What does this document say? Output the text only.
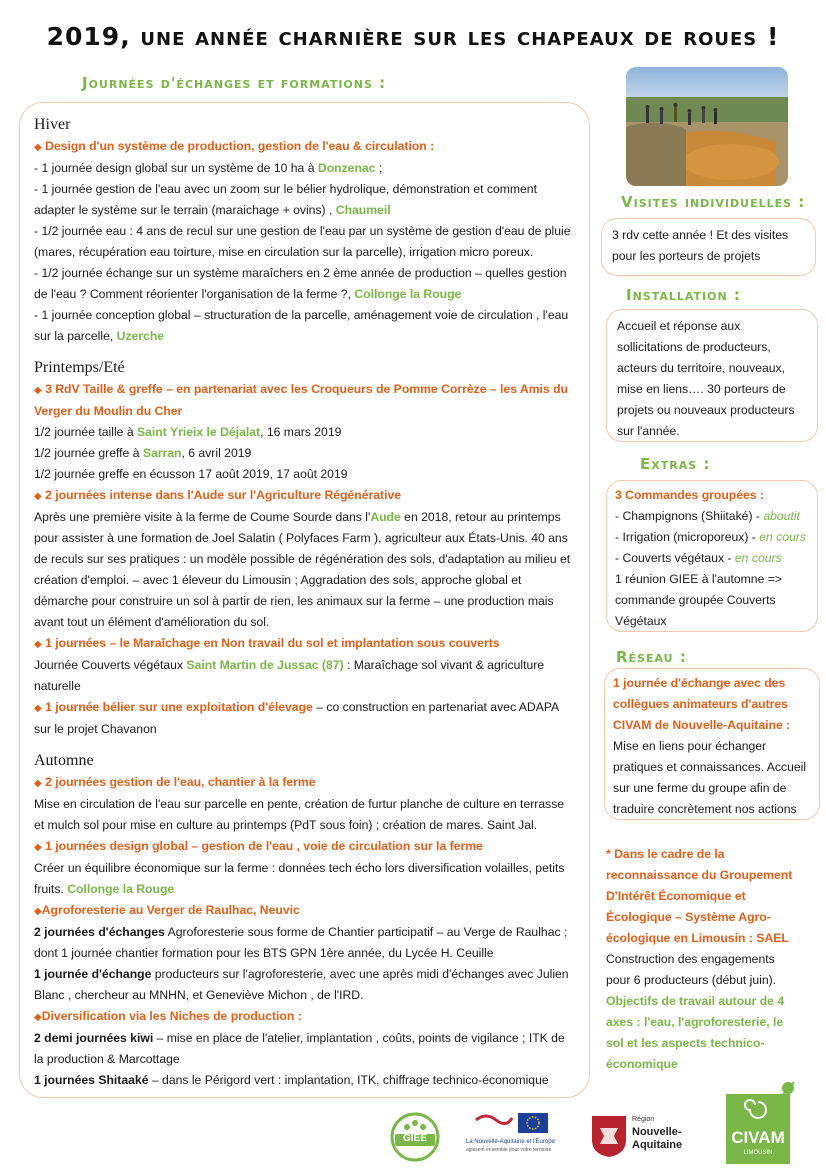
2019, une année charnière sur les chapeaux de roues !
Journées d'échanges et formations :
Hiver
◆ Design d'un système de production, gestion de l'eau & circulation :
- 1 journée design global sur un système de 10 ha à Donzenac ;
- 1 journée gestion de l'eau avec un zoom sur le bélier hydrolique, démonstration et comment adapter le système sur le terrain (maraichage + ovins) , Chaumeil
- 1/2 journée eau : 4 ans de recul sur une gestion de l'eau par un système de gestion d'eau de pluie (mares, récupération eau toirture, mise en circulation sur la parcelle), irrigation micro poreux.
- 1/2 journée échange sur un système maraîchers en 2 ème année de production – quelles gestion de l'eau ? Comment réorienter l'organisation de la ferme ?, Collonge la Rouge
- 1 journée conception global – structuration de la parcelle, aménagement voie de circulation , l'eau sur la parcelle, Uzerche
Printemps/Eté
◆ 3 RdV Taille & greffe – en partenariat avec les Croqueurs de Pomme Corrèze – les Amis du Verger du Moulin du Cher
1/2 journée taille à Saint Yrieix le Déjalat, 16 mars 2019
1/2 journée greffe à Sarran, 6 avril 2019
1/2 journée greffe en écusson 17 août 2019, 17 août 2019
◆ 2 journées intense dans l'Aude sur l'Agriculture Régénérative
Après une première visite à la ferme de Coume Sourde dans l'Aude en 2018, retour au printemps pour assister à une formation de Joel Salatin ( Polyfaces Farm ), agriculteur aux États-Unis. 40 ans de reculs sur ses pratiques : un modèle possible de régénération des sols, d'adaptation au milieu et création d'emploi. – avec 1 éleveur du Limousin ; Aggradation des sols, approche global et démarche pour construire un sol à partir de rien, les animaux sur la ferme – une production mais avant tout un élément d'amélioration du sol.
◆ 1 journées – le Maraîchage en Non travail du sol et implantation sous couverts
Journée Couverts végétaux Saint Martin de Jussac (87) : Maraîchage sol vivant & agriculture naturelle
◆ 1 journée bélier sur une exploitation d'élevage – co construction en partenariat avec ADAPA sur le projet Chavanon
Automne
◆ 2 journées gestion de l'eau, chantier à la ferme
Mise en circulation de l'eau sur parcelle en pente, création de furtur planche de culture en terrasse et mulch sol pour mise en culture au printemps (PdT sous foin) ; création de mares. Saint Jal.
◆ 1 journées design global – gestion de l'eau , voie de circulation sur la ferme
Créer un équilibre économique sur la ferme : données tech écho lors diversification volailles, petits fruits. Collonge la Rouge
◆Agroforesterie au Verger de Raulhac, Neuvic
2 journées d'échanges Agroforesterie sous forme de Chantier participatif – au Verge de Raulhac ; dont 1 journée chantier formation pour les BTS GPN 1ère année, du Lycée H. Ceuille
1 journée d'échange producteurs sur l'agroforesterie, avec une après midi d'échanges avec Julien Blanc , chercheur au MNHN, et Geneviève Michon , de l'IRD.
◆Diversification via les Niches de production :
2 demi journées kiwi – mise en place de l'atelier, implantation , coûts, points de vigilance ; ITK de la production & Marcottage
1 journées Shitaaké – dans le Périgord vert : implantation, ITK, chiffrage technico-économique
Visites individuelles :
3 rdv cette année ! Et des visites pour les porteurs de projets
Installation :
Accueil et réponse aux sollicitations de producteurs, acteurs du territoire, nouveaux, mise en liens…. 30 porteurs de projets ou nouveaux producteurs sur l'année.
Extras :
3 Commandes groupées :
- Champignons (Shiitaké) - aboutit
- Irrigation (microporeux) - en cours
- Couverts végétaux - en cours
1 réunion GIEE à l'automne => commande groupée Couverts Végétaux
Réseau :
1 journée d'échange avec des collègues animateurs d'autres CIVAM de Nouvelle-Aquitaine :
Mise en liens pour échanger pratiques et connaissances. Accueil sur une ferme du groupe afin de traduire concrètement nos actions
* Dans le cadre de la reconnaissance du Groupement D'Intérêt Économique et Écologique – Système Agro-écologique en Limousin : SAEL
Construction des engagements pour 6 producteurs (début juin).
Objectifs de travail autour de 4 axes : l'eau, l'agroforesterie, le sol et les aspects technico-économique
GIEE	La Nouvelle-Aquitaine et l'Europe
agissent ensemble pour votre territoire
Région
Nouvelle-
Aquitaine	CIVAM
LIMOUSIN
